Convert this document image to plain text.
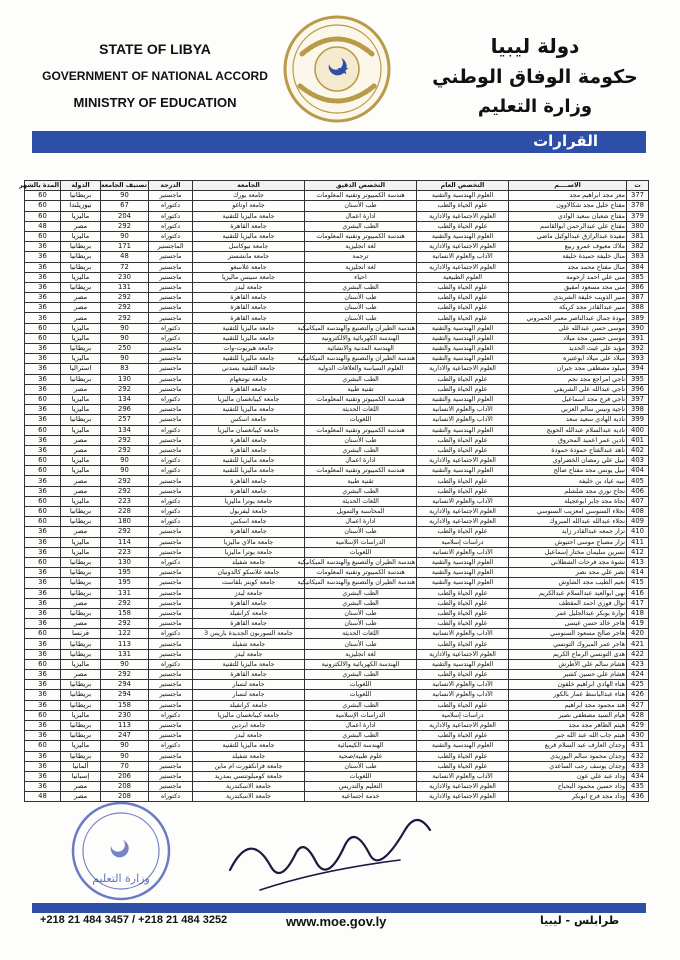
STATE OF LIBYA
GOVERNMENT OF NATIONAL ACCORD
MINISTRY OF EDUCATION
دولة ليبيا
حكومة الوفاق الوطني
وزارة التعليم
القرارات
ت	الاســــم	التخصص العام	التخصص الدقيق	الجامعة	الدرجة	تصنيف الجامعة	الدولة	المدة بالشهر
377	معز مجد ابراهيم مجد	العلوم الهندسية والتقنية	هندسة الكمبيوتر وتقنية المعلومات	جامعة يورك	ماجستير	90	بريطانيا	60
378	مفتاح خليل مجد شكالاوون	علوم الحياة والطب	طب الأسنان	جامعة اوتاغو	دكتوراه	67	نيوزيلندا	60
379	مفتاح شعبان سعيد الوادي	العلوم الاجتماعية والادارية	ادارة اعمال	جامعة ماليزيا للتقنية	دكتوراه	204	ماليزيا	60
380	مفتاح علي عبدالرحمن ابوالقاسم	علوم الحياة والطب	الطب البشري	جامعة القاهرة	دكتوراه	292	مصر	48
381	مفيدة عبدالرازق عبدالوكيل ماضي	العلوم الهندسية والتقنية	هندسة الكمبيوتر وتقنية المعلومات	جامعة ماليزيا للتقنية	دكتوراه	90	ماليزيا	60
382	ملاك معيوف عمرو ربيع	العلوم الاجتماعية والادارية	لغة انجليزية	جامعة نيوكاسل	الماجستير	171	بريطانيا	36
383	منال خليفة حميدة خليفة	الآداب والعلوم الانسانية	ترجمة	جامعة مانشستر	ماجستير	48	بريطانيا	36
384	منال مفتاح محمد مجد	العلوم الاجتماعية والادارية	لغة انجليزية	جامعة غلاسغو	ماجستير	72	بريطانيا	36
385	منى علي احمد ارحومة	العلوم الطبيعية	احياء	جامعة سينس ماليزيا	ماجستير	230	ماليزيا	36
386	منى مجد مسعود امقيق	علوم الحياة والطب	الطب البشري	جامعة ليدز	ماجستير	131	بريطانيا	36
387	منير الذويب خليفة الشريدي	علوم الحياة والطب	طب الأسنان	جامعة القاهرة	ماجستير	292	مصر	36
388	منير عبدالقادر مجد كريكة	علوم الحياة والطب	طب الأسنان	جامعة القاهرة	ماجستير	292	مصر	36
389	مودة جمال عبدالناصر معمر الحمروني	علوم الحياة والطب	طب الأسنان	جامعة القاهرة	ماجستير	292	مصر	36
390	موسى حسن عبدالله علي	العلوم الهندسية والتقنية	هندسة الطيران والتصنيع والهندسة الميكانيكية	جامعة ماليزيا للتقنية	دكتوراه	90	ماليزيا	60
391	موسى حسين مجد ميلاد	العلوم الهندسية والتقنية	الهندسة الكهربائية والالكترونية	جامعة ماليزيا للتقنية	دكتوراه	90	ماليزيا	60
392	مؤيد علي غيث الحديد	العلوم الهندسية والتقنية	الهندسة المدنية والانشائية	جامعة هيريوت-وات	ماجستير	250	بريطانيا	36
393	ميلاد علي ميلاد ابوعتيره	العلوم الهندسية والتقنية	هندسة الطيران والتصنيع والهندسة الميكانيكية	جامعة ماليزيا للتقنية	ماجستير	90	ماليزيا	36
394	ميلود مصطفى مجد جبران	العلوم الاجتماعية والادارية	العلوم السياسة والعلاقات الدولية	جامعة التقنية بسدني	ماجستير	83	استراليا	36
395	ناجي امراجع مجد نجم	علوم الحياة والطب	الطب البشري	جامعة نوتنغهام	ماجستير	130	بريطانيا	36
396	ناجي عبدالله علي الشريفي	علوم الحياة والطب	تقنية طبية	جامعة القاهرة	ماجستير	292	مصر	36
397	ناجي فرج مجد اسماعيل	العلوم الهندسية والتقنية	هندسة الكمبيوتر وتقنية المعلومات	جامعة كيبانغسان ماليزيا	دكتوراه	134	ماليزيا	60
398	ناجية ونيس سالم العربي	الآداب والعلوم الانسانية	اللغات الحديثة	جامعة ماليزيا للتقنية	ماجستير	296	ماليزيا	36
399	نادية الهادي سعيد سعد	الآداب والعلوم الانسانية	اللغويات	جامعة اسكس	ماجستير	257	بريطانيا	36
400	نادية عبدالسلام عبدالله الحويج	العلوم الهندسية والتقنية	هندسة الكمبيوتر وتقنية المعلومات	جامعة كيبانغسان ماليزيا	دكتوراه	134	ماليزيا	60
401	نادين عمر اعميد المحروق	علوم الحياة والطب	طب الأسنان	جامعة القاهرة	ماجستير	292	مصر	36
402	ناهد عبدالفتاح حمودة حمودة	علوم الحياة والطب	الطب البشري	جامعة القاهرة	ماجستير	292	مصر	36
403	نبيل علي رمضان الخضراوي	العلوم الاجتماعية والادارية	ادارة اعمال	جامعة ماليزيا للتقنية	دكتوراه	90	ماليزيا	60
404	نبيل يونس مجد مفتاح صالح	العلوم الهندسية والتقنية	هندسة الكمبيوتر وتقنية المعلومات	جامعة ماليزيا للتقنية	دكتوراه	90	ماليزيا	60
405	نبيه عياد بن خليفة	علوم الحياة والطب	تقنية طبية	جامعة القاهرة	ماجستير	292	مصر	36
406	نجاح نوري مجد شلشلم	علوم الحياة والطب	الطب البشري	جامعة القاهرة	ماجستير	292	مصر	36
407	نجاة مجد جابر ابوعجيلة	الآداب والعلوم الانسانية	اللغات الحديثة	جامعة يوترا ماليزيا	دكتوراه	223	ماليزيا	60
408	نجلاء السنوسي امعزيب السنوسي	العلوم الاجتماعية والادارية	المحاسبة والتمويل	جامعة ليفربول	دكتوراه	228	بريطانيا	60
409	نجلاء عبدالله عبدالله المبروك	العلوم الاجتماعية والادارية	ادارة اعمال	جامعة اسكس	دكتوراه	180	بريطانيا	60
410	نزار جمعه عبدالقادر زايد	علوم الحياة والطب	طب الأسنان	جامعة القاهرة	ماجستير	292	مصر	36
411	نزار مصباح موسى احتيوش	دراسات إسلامية	الدراسات الإسلامية	جامعة مالاي ماليزيا	ماجستير	114	ماليزيا	36
412	نسرين سليمان مختار إسماعيل	الآداب والعلوم الانسانية	اللغويات	جامعة يوترا ماليزيا	ماجستير	223	ماليزيا	36
413	نشوة مجد فرحات الشطلاني	العلوم الهندسية والتقنية	هندسة الطيران والتصنيع والهندسة الميكانيكية	جامعة شفيلد	دكتوراه	130	بريطانيا	60
414	نصر علي مجد نصر	العلوم الهندسية والتقنية	هندسة الكمبيوتر وتقنية المعلومات	جامعة غلاسكو كالدونيان	ماجستير	195	بريطانيا	36
415	نعيم الطيب مجد الشاوش	العلوم الهندسية والتقنية	هندسة الطيران والتصنيع والهندسة الميكانيكية	جامعة كوينز بلفاست	ماجستير	195	بريطانيا	36
416	نهى ابوالعيد عبدالسلام عبدالكريم	علوم الحياة والطب	الطب البشري	جامعة ليدز	ماجستير	131	بريطانيا	36
417	نوال فوزي احمد المقطف	علوم الحياة والطب	الطب البشري	جامعة القاهرة	ماجستير	292	مصر	36
418	نوارة بوبكر عبدالجليل عمر	علوم الحياة والطب	طب الأسنان	جامعة كرانفيلد	ماجستير	158	بريطانيا	36
419	هاجر خالد حسن عيسى	علوم الحياة والطب	طب الأسنان	جامعة القاهرة	ماجستير	292	مصر	36
420	هاجر صالح مسعود السنوسي	الآداب والعلوم الانسانية	اللغات الحديثة	جامعة السوربون الجديدة باريس 3	دكتوراه	122	فرنسا	60
421	هاجر عمر المبروك التونسي	علوم الحياة والطب	طب الأسنان	جامعة شفيلد	ماجستير	113	بريطانيا	36
422	هدى التونسي الرماح الكريم	العلوم الاجتماعية والادارية	لغة انجليزية	جامعة ليدز	ماجستير	131	بريطانيا	36
423	هشام سالم علي الأطرش	العلوم الهندسية والتقنية	الهندسة الكهربائية والالكترونية	جامعة ماليزيا للتقنية	دكتوراه	90	ماليزيا	60
424	هشام علي حسين كشير	علوم الحياة والطب	الطب البشري	جامعة القاهرة	ماجستير	292	مصر	36
425	هناء الهادي ابراهيم خلفون	الآداب والعلوم الانسانية	اللغويات	جامعة لنسار	ماجستير	294	بريطانيا	36
426	هناء عبدالباسط عمار بالكور	الآداب والعلوم الانسانية	اللغويات	جامعة لنسار	ماجستير	294	بريطانيا	36
427	هند محمود مجد ابراهيم	علوم الحياة والطب	الطب البشري	جامعة كرانفيلد	ماجستير	158	بريطانيا	36
428	هيام السيد مصطفى نصير	دراسات إسلامية	الدراسات الإسلامية	جامعة كيبانغسان ماليزيا	دكتوراه	230	ماليزيا	60
429	هيثم الطاهر مجد مجد	العلوم الاجتماعية والادارية	ادارة اعمال	جامعة ابردين	ماجستير	113	بريطانيا	36
430	هيثم جاب الله عبد الله جبر	علوم الحياة والطب	الطب البشري	جامعة ليدز	ماجستير	247	بريطانيا	36
431	وجدان العارف عبد السلام قريع	العلوم الهندسية والتقنية	الهندسة الكيميائية	جامعة ماليزيا للتقنية	دكتوراه	90	ماليزيا	60
432	وجدان محمود سالم البوزيدي	علوم الحياة والطب	علوم طبية/صحية	جامعة شفيلد	ماجستير	90	بريطانيا	36
433	وجدان يوسف رجب الساعدي	علوم الحياة والطب	طب الأسنان	جامعة فرانكفورت ام ماين	ماجستير	70	ألمانيا	36
434	وداد عبد علي عون	الآداب والعلوم الانسانية	اللغويات	جامعة كومبلوتنسي بمدريد	ماجستير	206	إسبانيا	36
435	وداد حسين محمود البحباح	العلوم الاجتماعية والادارية	التعليم والتدريس	جامعة الاسكندرية	ماجستير	208	مصر	36
436	وداد مجد فرج ابوبكر	العلوم الاجتماعية والادارية	خدمة اجتماعية	جامعة الاسكندرية	دكتوراه	208	مصر	48
وزارة التعليم
+218 21 484 3457 / +218 21 484 3252	www.moe.gov.ly	طرابلس - ليبيا
